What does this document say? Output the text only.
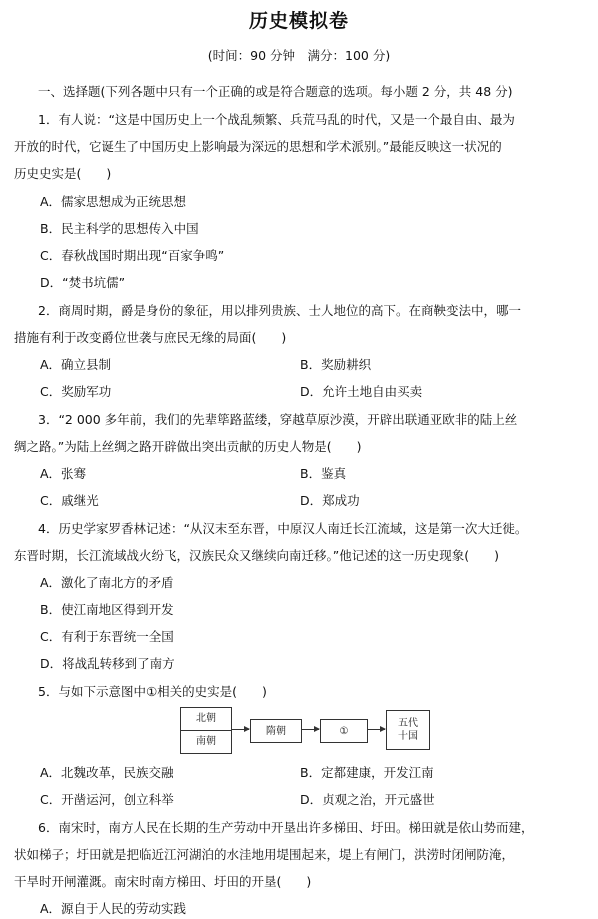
历史模拟卷
(时间：90 分钟　满分：100 分)
一、选择题(下列各题中只有一个正确的或是符合题意的选项。每小题 2 分，共 48 分)
1．有人说：“这是中国历史上一个战乱频繁、兵荒马乱的时代，又是一个最自由、最为
开放的时代，它诞生了中国历史上影响最为深远的思想和学术派别。”最能反映这一状况的
历史史实是(　　)
A．儒家思想成为正统思想
B．民主科学的思想传入中国
C．春秋战国时期出现“百家争鸣”
D．“焚书坑儒”
2．商周时期，爵是身份的象征，用以排列贵族、士人地位的高下。在商鞅变法中，哪一
措施有利于改变爵位世袭与庶民无缘的局面(　　)
A．确立县制	B．奖励耕织
C．奖励军功	D．允许土地自由买卖
3．“2 000 多年前，我们的先辈筚路蓝缕，穿越草原沙漠，开辟出联通亚欧非的陆上丝
绸之路。”为陆上丝绸之路开辟做出突出贡献的历史人物是(　　)
A．张骞	B．鉴真
C．戚继光	D．郑成功
4．历史学家罗香林记述：“从汉末至东晋，中原汉人南迁长江流域，这是第一次大迁徙。
东晋时期，长江流域战火纷飞，汉族民众又继续向南迁移。”他记述的这一历史现象(　　)
A．激化了南北方的矛盾
B．使江南地区得到开发
C．有利于东晋统一全国
D．将战乱转移到了南方
5．与如下示意图中①相关的史实是(　　)
北朝
南朝
隋朝	①
五代
十国
A．北魏改革，民族交融	B．定都建康，开发江南
C．开凿运河，创立科举	D．贞观之治，开元盛世
6．南宋时，南方人民在长期的生产劳动中开垦出许多梯田、圩田。梯田就是依山势而建，
状如梯子；圩田就是把临近江河湖泊的水洼地用堤围起来，堤上有闸门，洪涝时闭闸防淹，
干旱时开闸灌溉。南宋时南方梯田、圩田的开垦(　　)
A．源自于人民的劳动实践
